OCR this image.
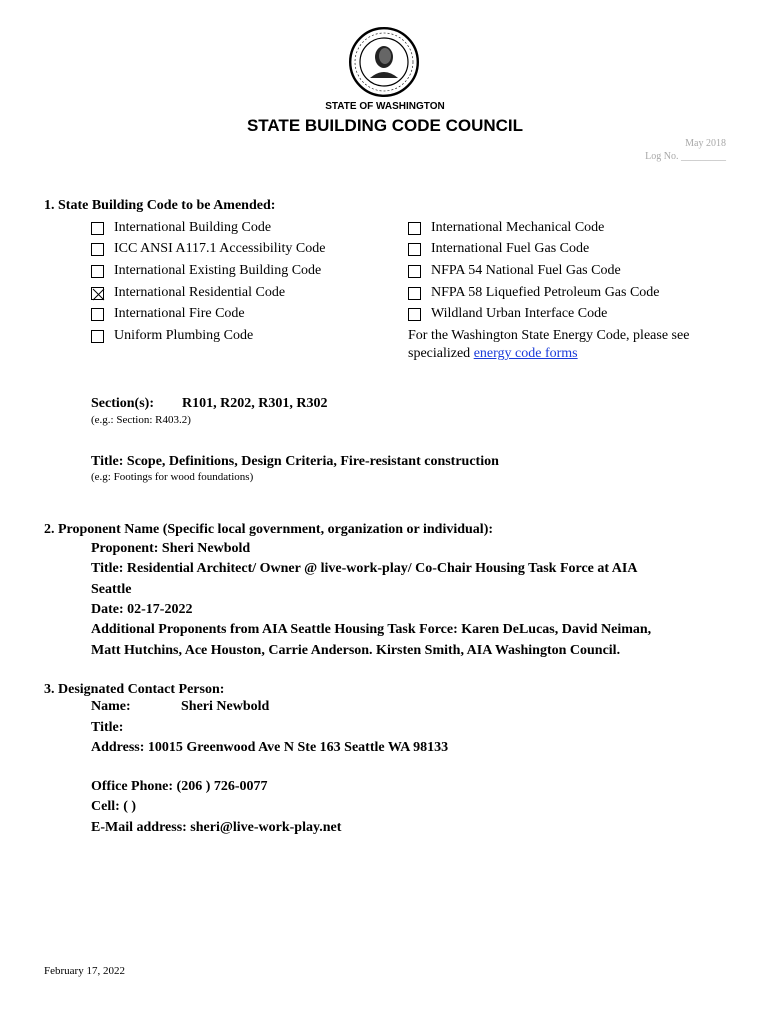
STATE OF WASHINGTON
STATE BUILDING CODE COUNCIL
May 2018
Log No. _________
1. State Building Code to be Amended:
International Building Code
ICC ANSI A117.1 Accessibility Code
International Existing Building Code
International Residential Code
International Fire Code
Uniform Plumbing Code
International Mechanical Code
International Fuel Gas Code
NFPA 54 National Fuel Gas Code
NFPA 58 Liquefied Petroleum Gas Code
Wildland Urban Interface Code
For the Washington State Energy Code, please see
specialized energy code forms
Section(s): R101, R202, R301, R302
(e.g.: Section: R403.2)
Title: Scope, Definitions, Design Criteria, Fire-resistant construction
(e.g: Footings for wood foundations)
2. Proponent Name (Specific local government, organization or individual):
Proponent: Sheri Newbold
Title: Residential Architect/ Owner @ live-work-play/ Co-Chair Housing Task Force at AIA
Seattle
Date: 02-17-2022
Additional Proponents from AIA Seattle Housing Task Force: Karen DeLucas, David Neiman,
Matt Hutchins, Ace Houston, Carrie Anderson. Kirsten Smith, AIA Washington Council.
3. Designated Contact Person:
Name:	Sheri Newbold
Title:
Address: 10015 Greenwood Ave N Ste 163 Seattle WA 98133
Office Phone: (206 ) 726-0077
Cell: ( )
E-Mail address: sheri@live-work-play.net
February 17, 2022
